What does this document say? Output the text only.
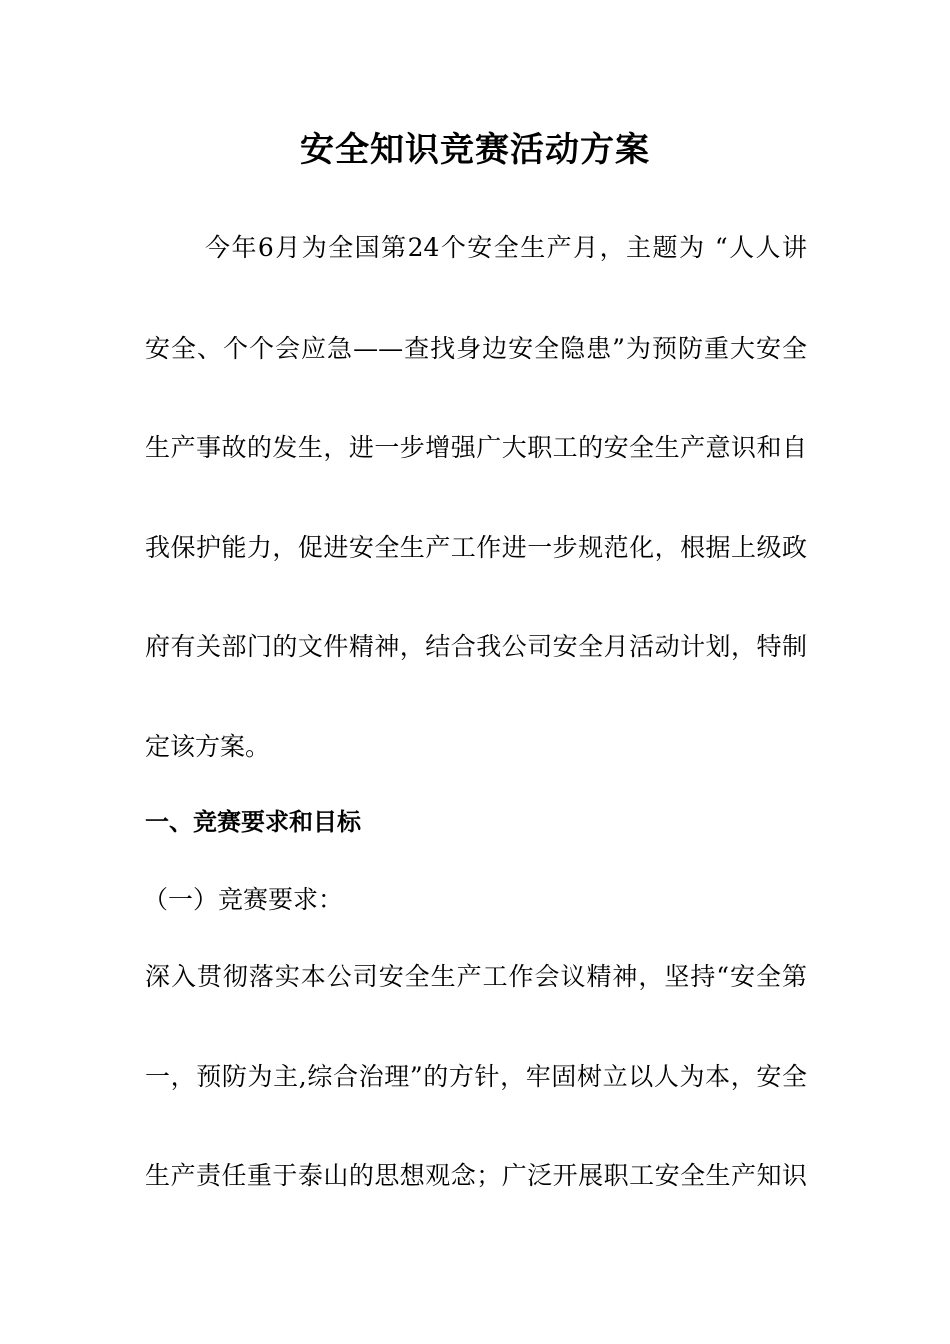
安全知识竞赛活动方案
今年6月为全国第24个安全生产月，主题为 “人人讲
安全、个个会应急——查找身边安全隐患”为预防重大安全
生产事故的发生，进一步增强广大职工的安全生产意识和自
我保护能力，促进安全生产工作进一步规范化，根据上级政
府有关部门的文件精神，结合我公司安全月活动计划，特制
定该方案。
一、竞赛要求和目标
（一）竞赛要求：
深入贯彻落实本公司安全生产工作会议精神，坚持“安全第
一，预防为主,综合治理”的方针，牢固树立以人为本，安全
生产责任重于泰山的思想观念；广泛开展职工安全生产知识
